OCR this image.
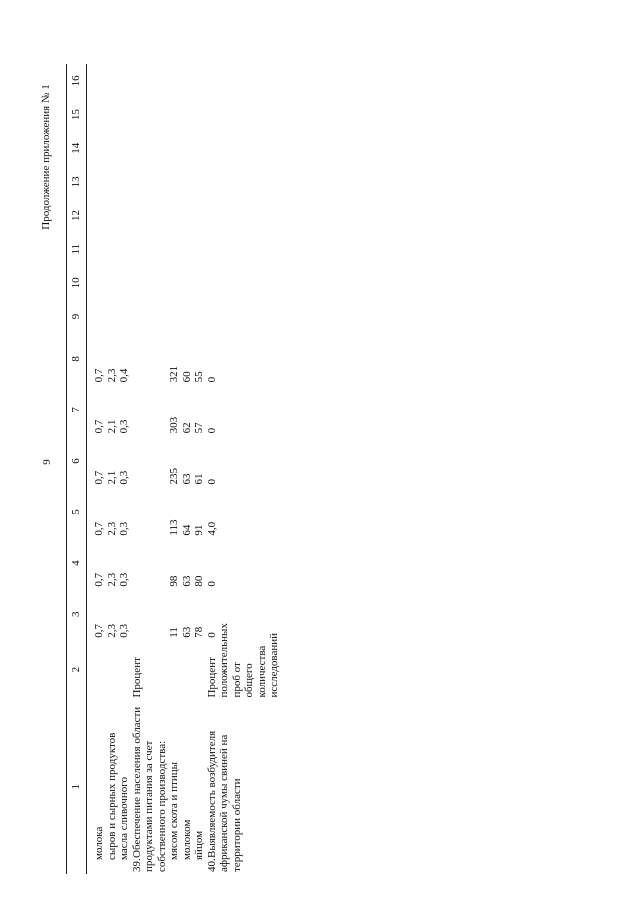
9
Продолжение приложения № 1
1	2	3	4	5	6	7	8	9	10	11	12	13	14	15	16
молока		0,7	0,7	0,7	0,7	0,7	0,7								
сыров и сырных продуктов		2,3	2,3	2,3	2,1	2,1	2,3								
масла сливочного		0,3	0,3	0,3	0,3	0,3	0,4								
39.Обеспечение населения области продуктами питания за счет собственного производства:	Процент														
мясом скота и птицы		11	98	113	235	303	321								
молоком		63	63	64	63	62	60								
яйцом		78	80	91	61	57	55								
40.Выявляемость возбудителя африканской чумы свиней на территории области	Процент положительных проб от общего количества исследований	0	0	4,0	0	0	0								
